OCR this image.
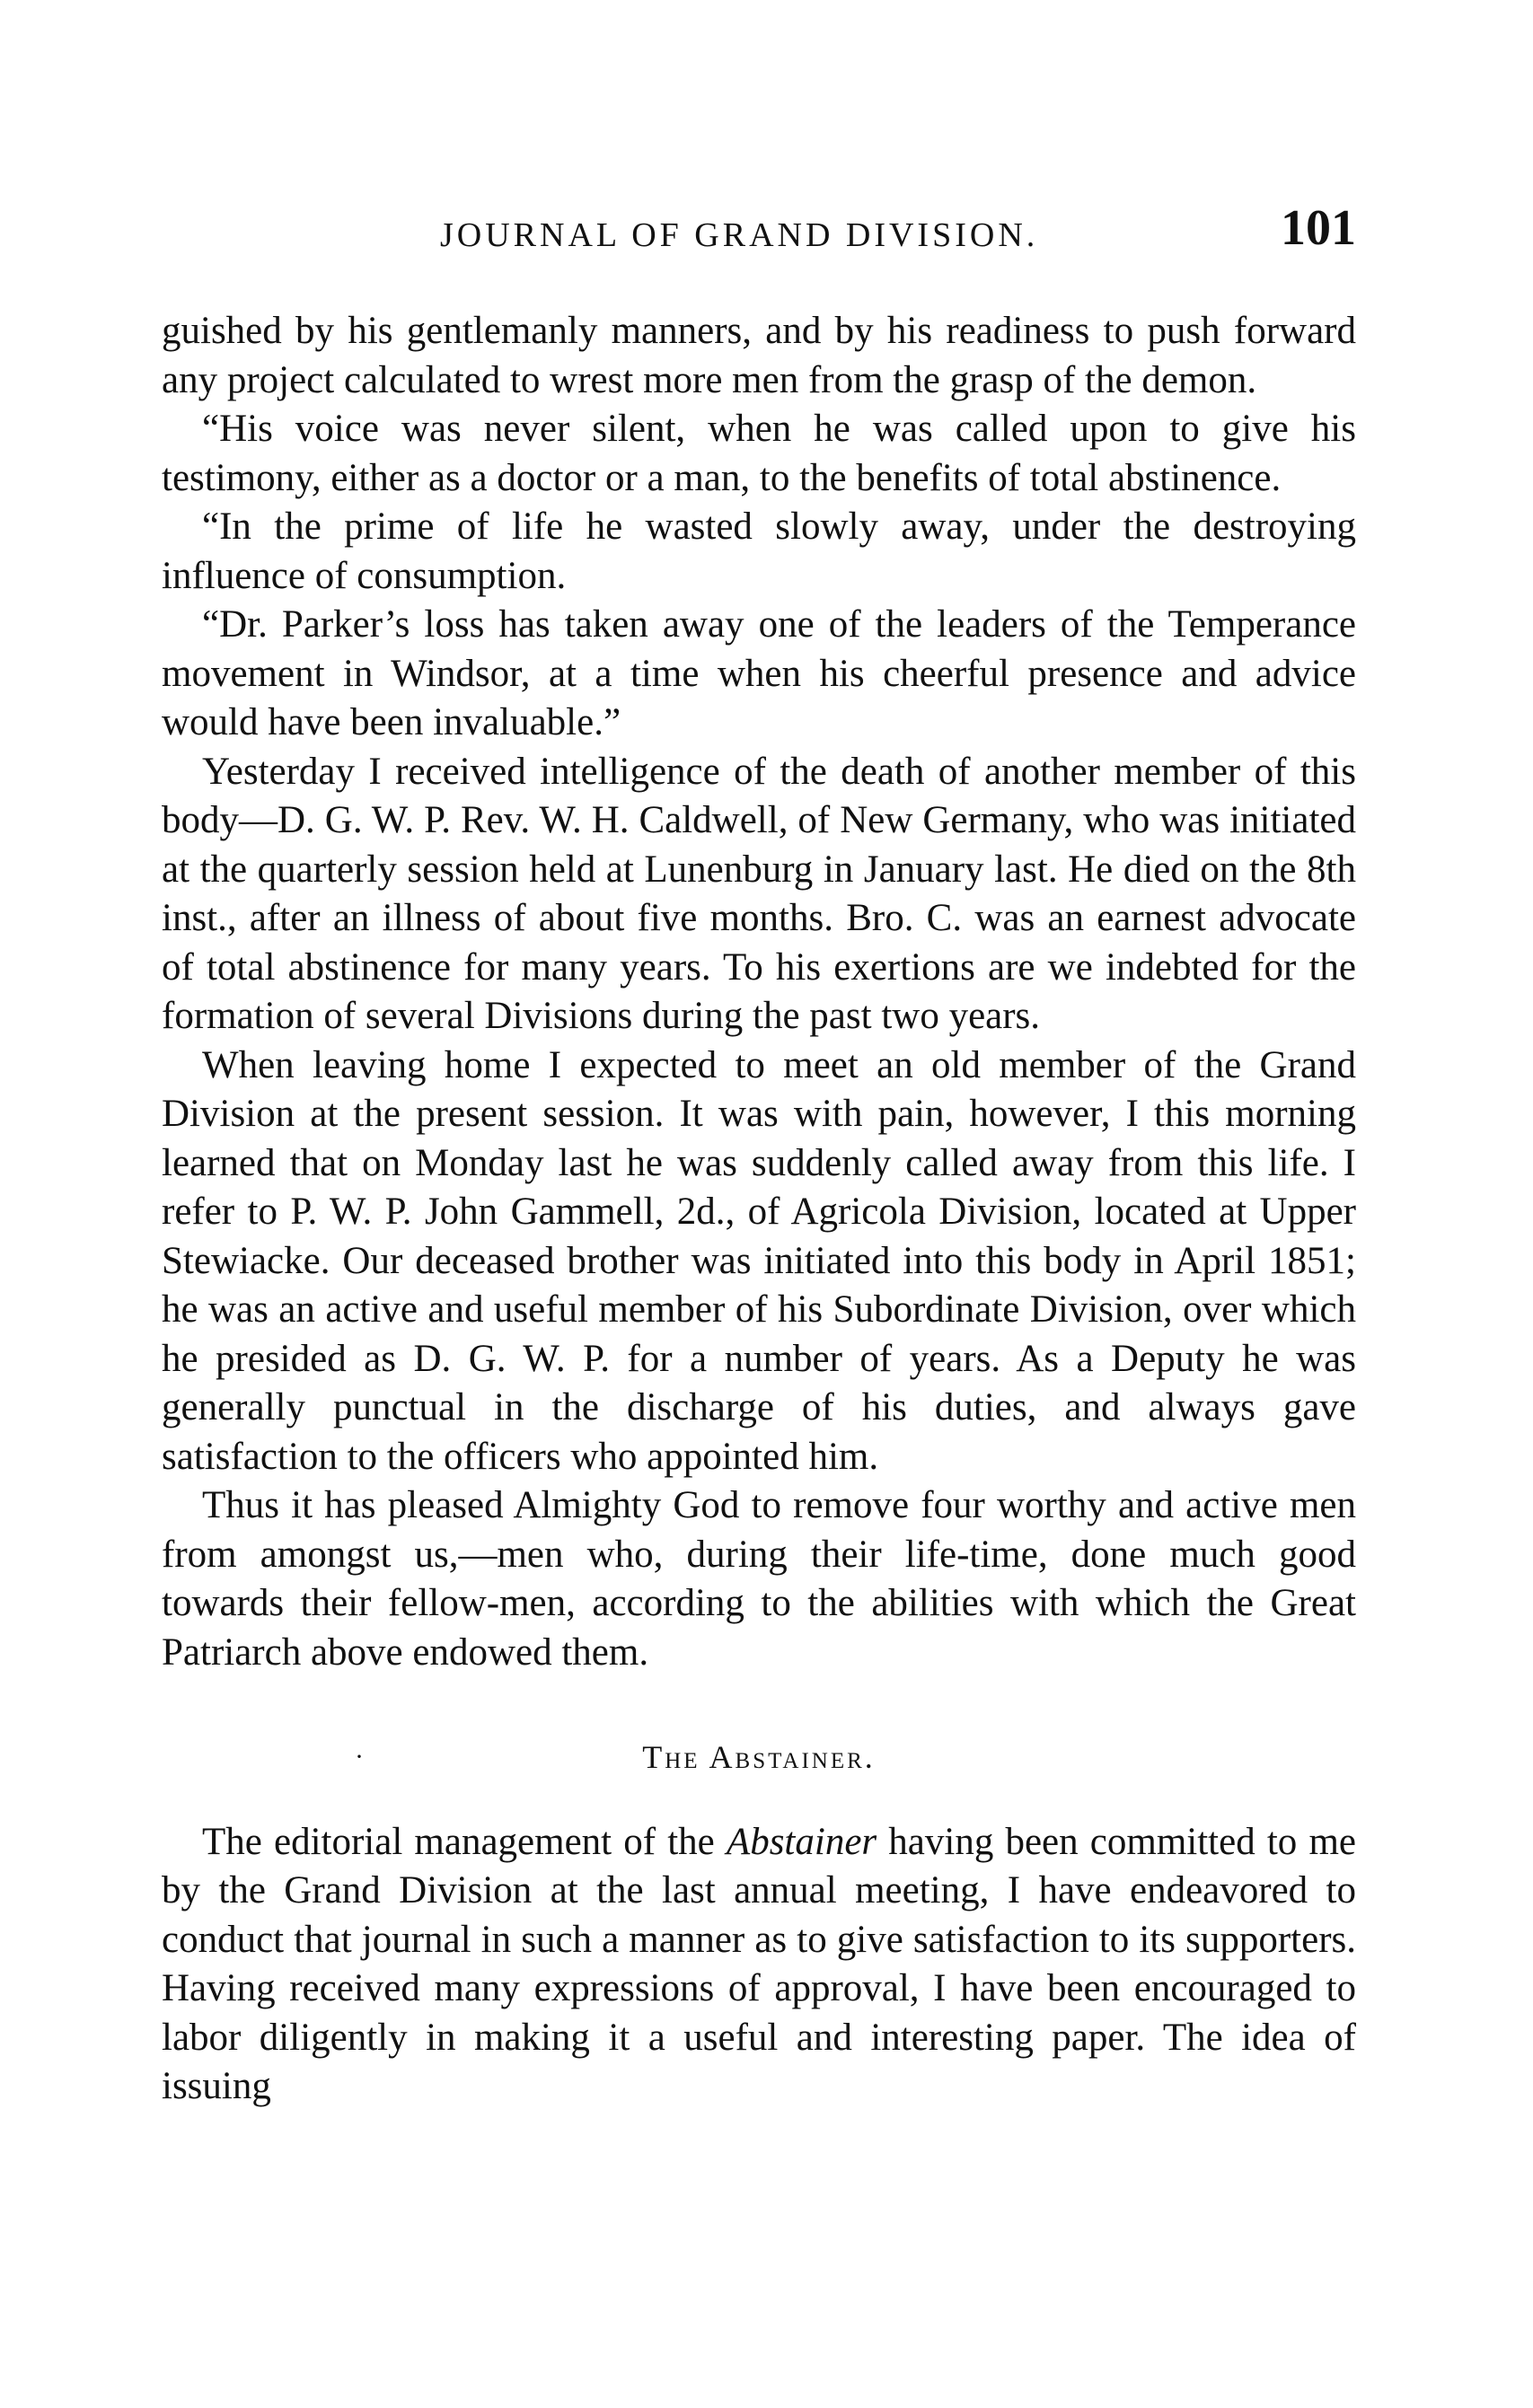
JOURNAL OF GRAND DIVISION.	101

guished by his gentlemanly manners, and by his readiness to push forward any project calculated to wrest more men from the grasp of the demon.

“His voice was never silent, when he was called upon to give his testimony, either as a doctor or a man, to the benefits of total abstinence.

“In the prime of life he wasted slowly away, under the destroying influence of consumption.

“Dr. Parker’s loss has taken away one of the leaders of the Temperance movement in Windsor, at a time when his cheerful presence and advice would have been invaluable.”

Yesterday I received intelligence of the death of another member of this body—D. G. W. P. Rev. W. H. Caldwell, of New Germany, who was initiated at the quarterly session held at Lunenburg in January last. He died on the 8th inst., after an illness of about five months. Bro. C. was an earnest advocate of total abstinence for many years. To his exertions are we indebted for the formation of several Divisions during the past two years.

When leaving home I expected to meet an old member of the Grand Division at the present session. It was with pain, however, I this morning learned that on Monday last he was suddenly called away from this life. I refer to P. W. P. John Gammell, 2d., of Agricola Division, located at Upper Stewiacke. Our deceased brother was initiated into this body in April 1851; he was an active and useful member of his Subordinate Division, over which he presided as D. G. W. P. for a number of years. As a Deputy he was generally punctual in the discharge of his duties, and always gave satisfaction to the officers who appointed him.

Thus it has pleased Almighty God to remove four worthy and active men from amongst us,—men who, during their life-time, done much good towards their fellow-men, according to the abilities with which the Great Patriarch above endowed them.

·	The Abstainer.

The editorial management of the Abstainer having been committed to me by the Grand Division at the last annual meeting, I have endeavored to conduct that journal in such a manner as to give satisfaction to its supporters. Having received many expressions of approval, I have been encouraged to labor diligently in making it a useful and interesting paper. The idea of issuing
